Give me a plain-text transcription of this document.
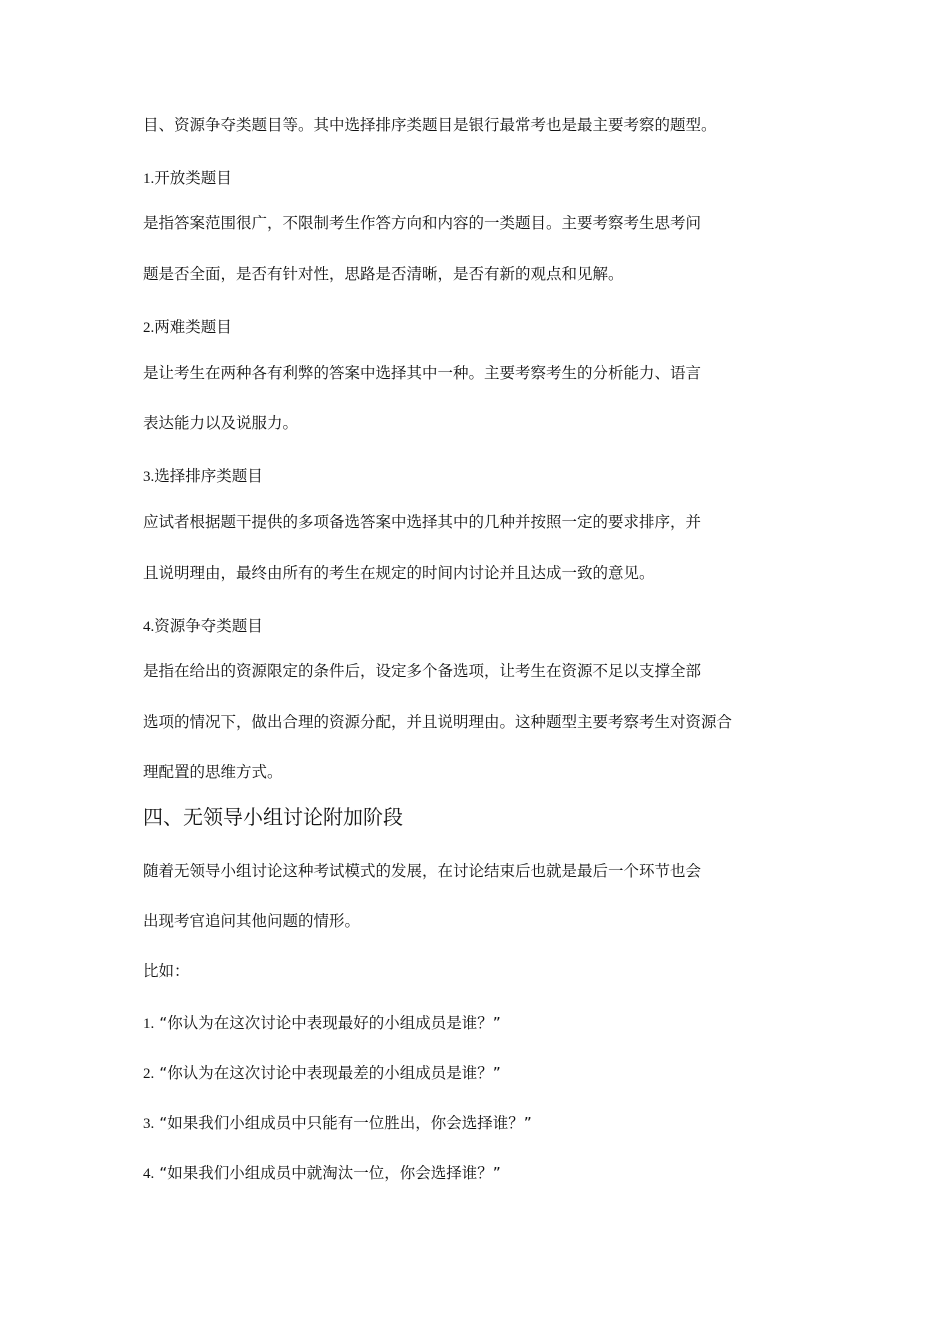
目、资源争夺类题目等。其中选择排序类题目是银行最常考也是最主要考察的题型。
1.开放类题目
是指答案范围很广，不限制考生作答方向和内容的一类题目。主要考察考生思考问
题是否全面，是否有针对性，思路是否清晰，是否有新的观点和见解。
2.两难类题目
是让考生在两种各有利弊的答案中选择其中一种。主要考察考生的分析能力、语言
表达能力以及说服力。
3.选择排序类题目
应试者根据题干提供的多项备选答案中选择其中的几种并按照一定的要求排序，并
且说明理由，最终由所有的考生在规定的时间内讨论并且达成一致的意见。
4.资源争夺类题目
是指在给出的资源限定的条件后，设定多个备选项，让考生在资源不足以支撑全部
选项的情况下，做出合理的资源分配，并且说明理由。这种题型主要考察考生对资源合
理配置的思维方式。
四、无领导小组讨论附加阶段
随着无领导小组讨论这种考试模式的发展，在讨论结束后也就是最后一个环节也会
出现考官追问其他问题的情形。
比如：
1. “你认为在这次讨论中表现最好的小组成员是谁？”
2. “你认为在这次讨论中表现最差的小组成员是谁？”
3. “如果我们小组成员中只能有一位胜出，你会选择谁？”
4. “如果我们小组成员中就淘汰一位，你会选择谁？”
